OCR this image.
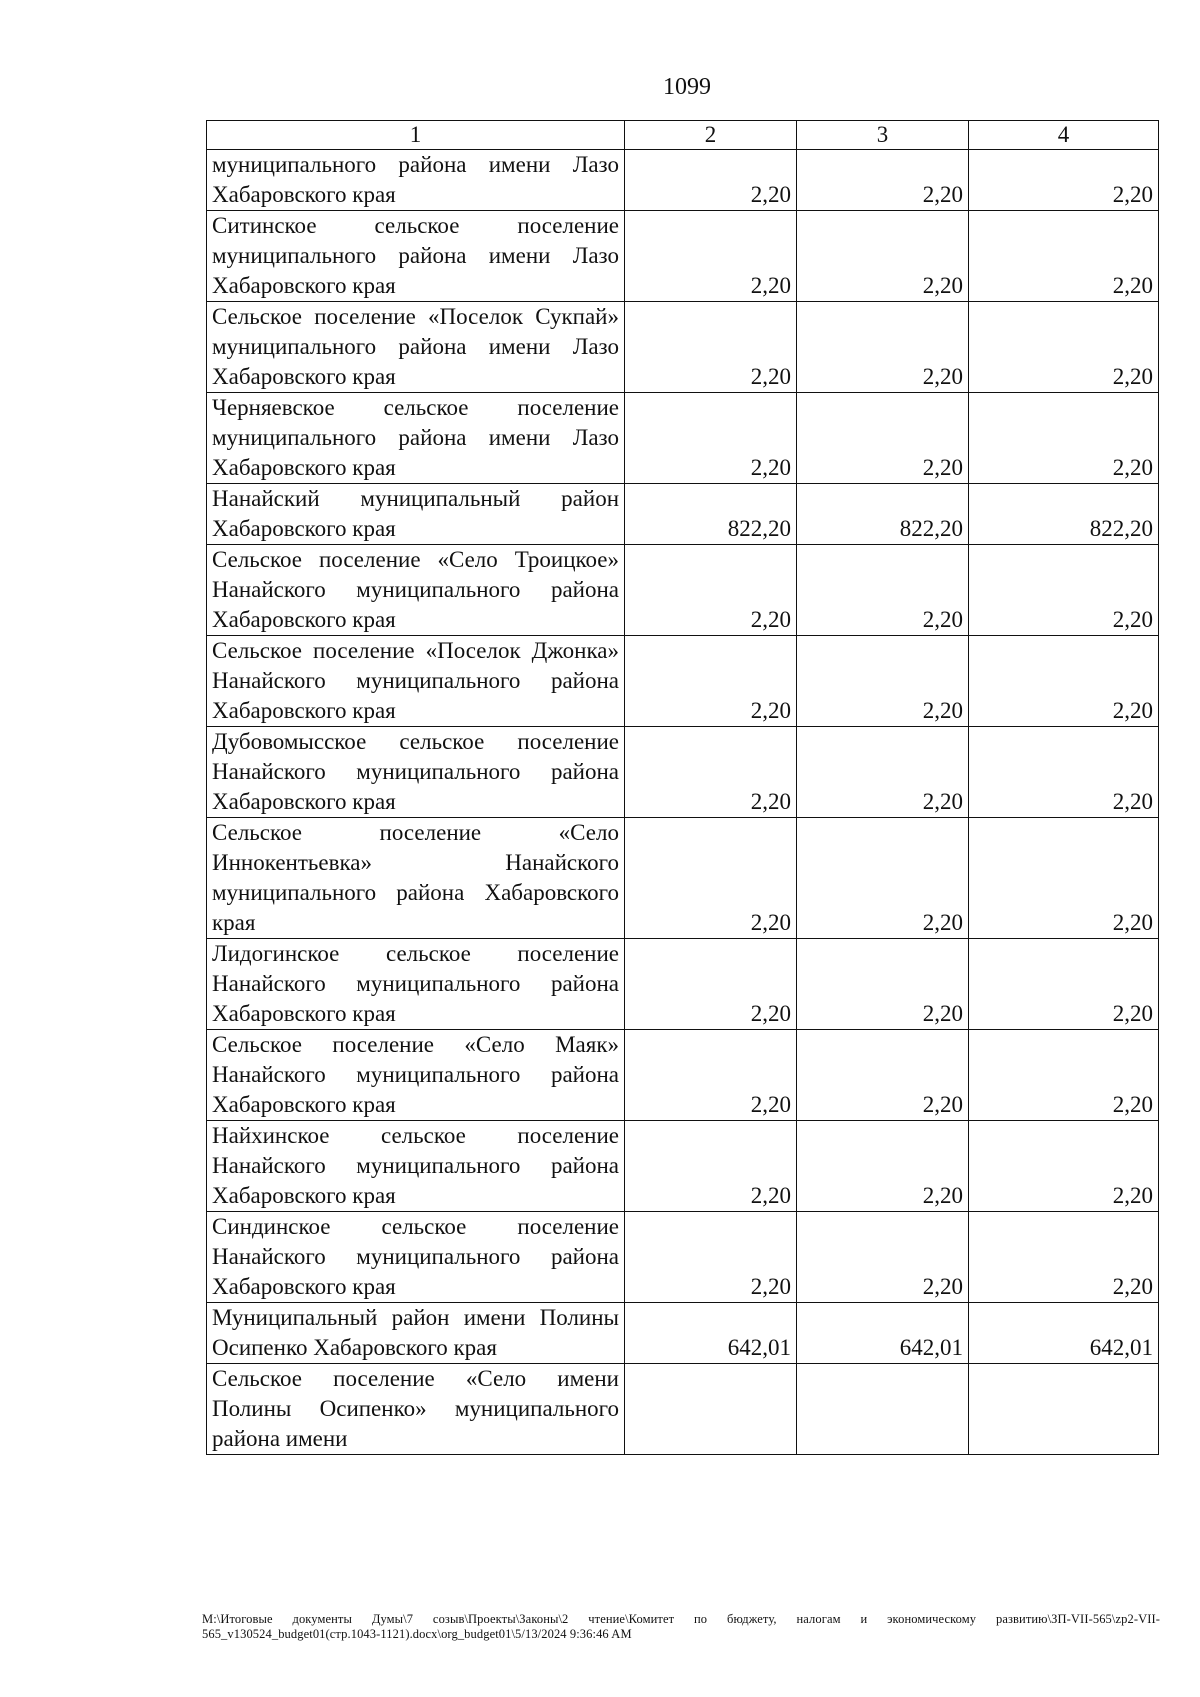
1099
1	2	3	4
муниципального района имени Лазо Хабаровского края	2,20	2,20	2,20
Ситинское сельское поселение муниципального района имени Лазо Хабаровского края	2,20	2,20	2,20
Сельское поселение «Поселок Сукпай» муниципального района имени Лазо Хабаровского края	2,20	2,20	2,20
Черняевское сельское поселение муниципального района имени Лазо Хабаровского края	2,20	2,20	2,20
Нанайский муниципальный район Хабаровского края	822,20	822,20	822,20
Сельское поселение «Село Троицкое» Нанайского муниципального района Хабаровского края	2,20	2,20	2,20
Сельское поселение «Поселок Джонка» Нанайского муниципального района Хабаровского края	2,20	2,20	2,20
Дубовомысское сельское поселение Нанайского муниципального района Хабаровского края	2,20	2,20	2,20
Сельское поселение «Село Иннокентьевка» Нанайского муниципального района Хабаровского края	2,20	2,20	2,20
Лидогинское сельское поселение Нанайского муниципального района Хабаровского края	2,20	2,20	2,20
Сельское поселение «Село Маяк» Нанайского муниципального района Хабаровского края	2,20	2,20	2,20
Найхинское сельское поселение Нанайского муниципального района Хабаровского края	2,20	2,20	2,20
Синдинское сельское поселение Нанайского муниципального района Хабаровского края	2,20	2,20	2,20
Муниципальный район имени Полины Осипенко Хабаровского края	642,01	642,01	642,01
Сельское поселение «Село имени Полины Осипенко» муниципального района имени			
M:\Итоговые документы Думы\7 созыв\Проекты\Законы\2 чтение\Комитет по бюджету, налогам и экономическому развитию\ЗП-VII-565\zp2-VII-565_v130524_budget01(стр.1043-1121).docx\org_budget01\5/13/2024 9:36:46 AM
